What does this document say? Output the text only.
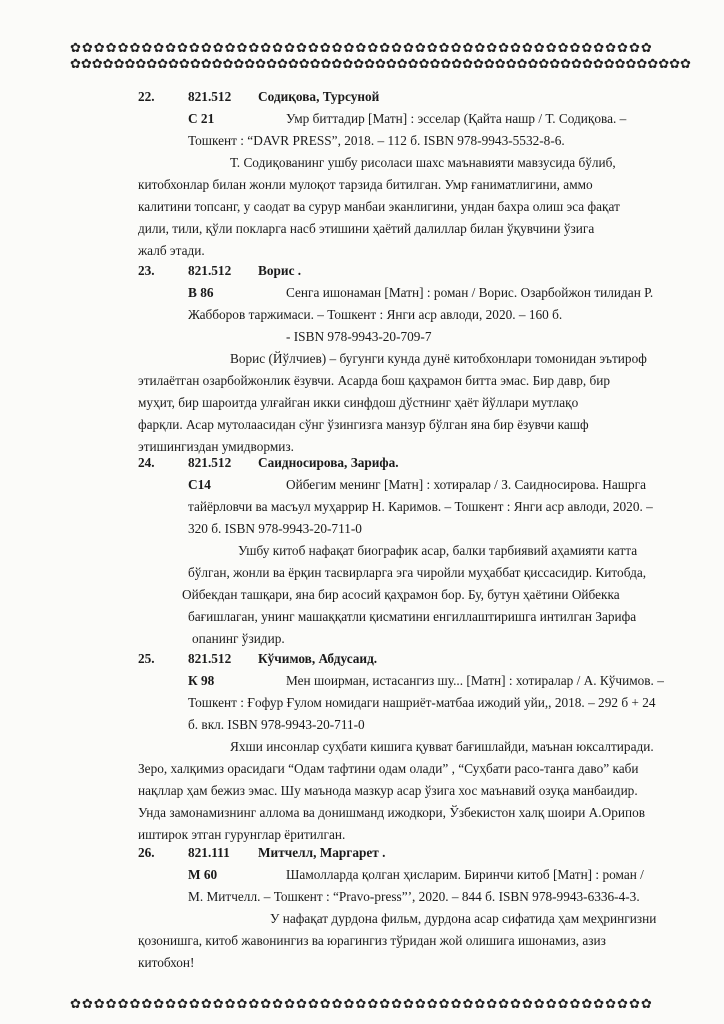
✿✿✿✿✿✿✿✿✿✿✿✿✿✿✿✿✿✿✿✿✿✿✿✿✿✿✿✿✿✿✿✿✿✿✿✿✿✿✿✿✿✿✿✿✿✿✿✿✿
✿✿✿✿✿✿✿✿✿✿✿✿✿✿✿✿✿✿✿✿✿✿✿✿✿✿✿✿✿✿✿✿✿✿✿✿✿✿✿✿✿✿✿✿✿✿✿✿✿✿✿✿✿✿✿✿✿
✿✿✿✿✿✿✿✿✿✿✿✿✿✿✿✿✿✿✿✿✿✿✿✿✿✿✿✿✿✿✿✿✿✿✿✿✿✿✿✿✿✿✿✿✿✿✿✿✿
22.	821.512	Содиқова, Турсуной
С 21	Умр биттадир [Матн] : эсселар (Қайта нашр / Т. Содиқова. –
Тошкент : “DAVR PRESS”, 2018. – 112 б. ISBN 978-9943-5532-8-6.
Т. Содиқованинг ушбу рисоласи шахс маънавияти мавзусида бўлиб,
китобхонлар билан жонли мулоқот тарзида битилган. Умр ғаниматлигини, аммо
калитини топсанг, у саодат ва сурур манбаи эканлигини, ундан бахра олиш эса фақат
дили, тили, қўли покларга насб этишини ҳаётий далиллар билан ўқувчини ўзига
жалб этади.
23.	821.512	Ворис .
В 86	Сенга ишонаман [Матн] : роман / Ворис. Озарбойжон тилидан Р.
Жабборов таржимаси. – Тошкент : Янги аср авлоди, 2020. – 160 б.
- ISBN 978-9943-20-709-7
Ворис (Йўлчиев) – бугунги кунда дунё китобхонлари томонидан эътироф
этилаётган озарбойжонлик ёзувчи. Асарда бош қаҳрамон битта эмас. Бир давр, бир
муҳит, бир шароитда улғайган икки синфдош дўстнинг ҳаёт йўллари мутлақо
фарқли. Асар мутолаасидан сўнг ўзингизга манзур бўлган яна бир ёзувчи кашф
этишингиздан умидвормиз.
24.	821.512	Саидносирова, Зарифа.
С14	Ойбегим менинг [Матн] : хотиралар / З. Саидносирова. Нашрга
тайёрловчи ва масъул муҳаррир Н. Каримов. – Тошкент : Янги аср авлоди, 2020. –
320 б. ISBN 978-9943-20-711-0
Ушбу китоб нафақат биографик асар, балки тарбиявий аҳамияти катта
бўлган, жонли ва ёрқин тасвирларга эга чиройли муҳаббат қиссасидир. Китобда,
Ойбекдан ташқари, яна бир асосий қаҳрамон бор. Бу, бутун ҳаётини Ойбекка
бағишлаган, унинг машаққатли қисматини енгиллаштиришга интилган Зарифа
опанинг ўзидир.
25.	821.512	Кўчимов, Абдусаид.
К 98	Мен шоирман, истасангиз шу... [Матн] : хотиралар / А. Кўчимов. –
Тошкент : Ғофур Ғулом номидаги нашриёт-матбаа ижодий уйи,, 2018. – 292 б + 24
б. вкл. ISBN 978-9943-20-711-0
Яхши инсонлар суҳбати кишига қувват бағишлайди, маънан юксалтиради.
Зеро, халқимиз орасидаги “Одам тафтини одам олади” , “Суҳбати расо-танга даво” каби
нақллар ҳам бежиз эмас. Шу маънода мазкур асар ўзига хос маънавий озуқа манбаидир.
Унда замонамизнинг алломa ва донишманд ижодкори, Ўзбекистон халқ шоири А.Орипов
иштирок этган гурунглар ёритилган.
26.	821.111	Митчелл, Маргарет .
М 60	Шамолларда қолган ҳисларим. Биринчи китоб [Матн] : роман /
М. Митчелл. – Тошкент : “Pravo-press”’, 2020. – 844 б. ISBN 978-9943-6336-4-3.
У нафақат дурдона фильм, дурдона асар сифатида ҳам меҳрингизни
қозонишга, китоб жавонингиз ва юрагингиз тўридан жой олишига ишонамиз, азиз
китобхон!
